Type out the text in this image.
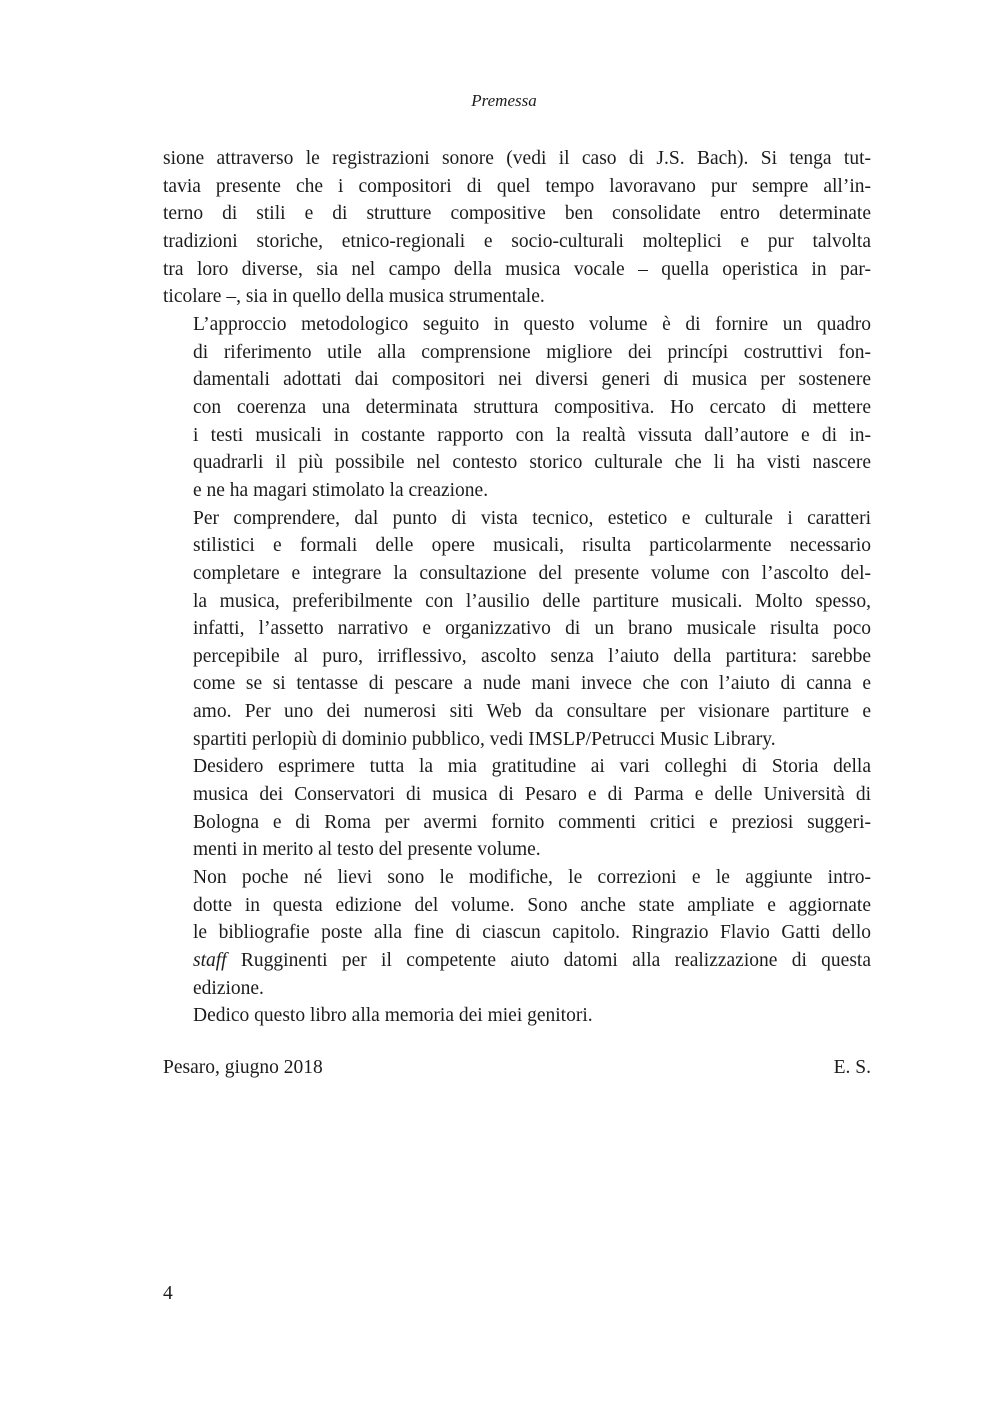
Premessa

sione attraverso le registrazioni sonore (vedi il caso di J.S. Bach). Si tenga tut-
tavia presente che i compositori di quel tempo lavoravano pur sempre all’in-
terno di stili e di strutture compositive ben consolidate entro determinate
tradizioni storiche, etnico-regionali e socio-culturali molteplici e pur talvolta
tra loro diverse, sia nel campo della musica vocale – quella operistica in par-
ticolare –, sia in quello della musica strumentale.

L’approccio metodologico seguito in questo volume è di fornire un quadro
di riferimento utile alla comprensione migliore dei princípi costruttivi fon-
damentali adottati dai compositori nei diversi generi di musica per sostenere
con coerenza una determinata struttura compositiva. Ho cercato di mettere
i testi musicali in costante rapporto con la realtà vissuta dall’autore e di in-
quadrarli il più possibile nel contesto storico culturale che li ha visti nascere
e ne ha magari stimolato la creazione.

Per comprendere, dal punto di vista tecnico, estetico e culturale i caratteri
stilistici e formali delle opere musicali, risulta particolarmente necessario
completare e integrare la consultazione del presente volume con l’ascolto del-
la musica, preferibilmente con l’ausilio delle partiture musicali. Molto spesso,
infatti, l’assetto narrativo e organizzativo di un brano musicale risulta poco
percepibile al puro, irriflessivo, ascolto senza l’aiuto della partitura: sarebbe
come se si tentasse di pescare a nude mani invece che con l’aiuto di canna e
amo. Per uno dei numerosi siti Web da consultare per visionare partiture e
spartiti perlopiù di dominio pubblico, vedi IMSLP/Petrucci Music Library.

Desidero esprimere tutta la mia gratitudine ai vari colleghi di Storia della
musica dei Conservatori di musica di Pesaro e di Parma e delle Università di
Bologna e di Roma per avermi fornito commenti critici e preziosi suggeri-
menti in merito al testo del presente volume.

Non poche né lievi sono le modifiche, le correzioni e le aggiunte intro-
dotte in questa edizione del volume. Sono anche state ampliate e aggiornate
le bibliografie poste alla fine di ciascun capitolo. Ringrazio Flavio Gatti dello
staff Rugginenti per il competente aiuto datomi alla realizzazione di questa
edizione.

Dedico questo libro alla memoria dei miei genitori.

Pesaro, giugno 2018	E. S.
4
